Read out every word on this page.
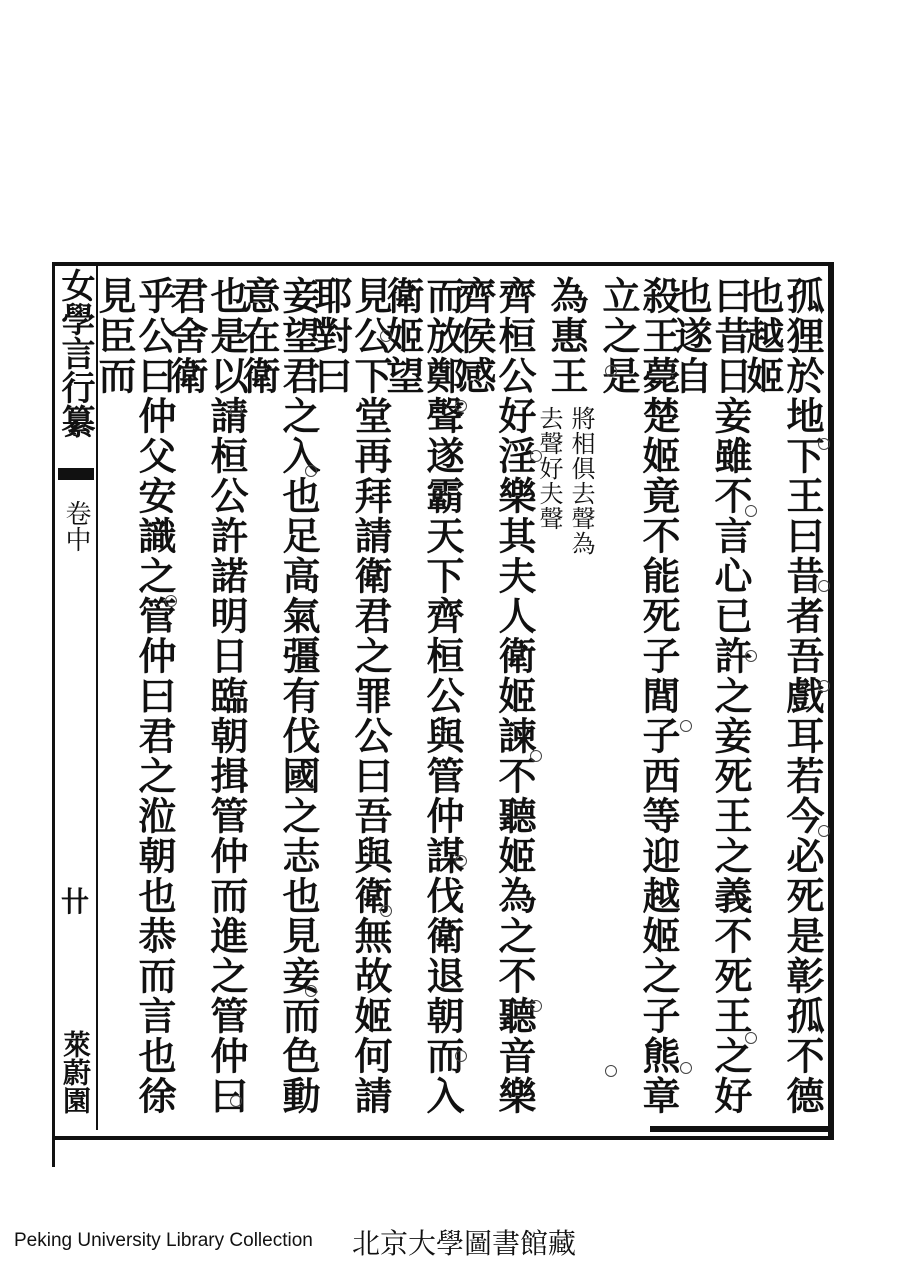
女學言行纂
卷中
卄
萊蔚園	孤狸於地下王曰昔者吾戲耳若今必死是彰孤不德也越姬
曰昔日妾雖不言心已許之妾死王之義不死王之好也遂自
殺王薨楚姬竟不能死子閭子西等迎越姬之子熊章立之是
為惠王
將相俱去聲為
去聲好夫聲
齊桓公好淫樂其夫人衛姬諫不聽姬為之不聽音樂齊侯感
而放鄭聲遂霸天下齊桓公與管仲謀伐衛退朝而入衛姬望
見公下堂再拜請衛君之罪公曰吾與衛無故姬何請耶對曰
妾望君之入也足高氣彊有伐國之志也見妾而色動意在衛
也是以請桓公許諾明日臨朝揖管仲而進之管仲曰君舍衛
乎公曰仲父安識之管仲曰君之涖朝也恭而言也徐見臣而
Peking University Library Collection 北京大學圖書館藏
